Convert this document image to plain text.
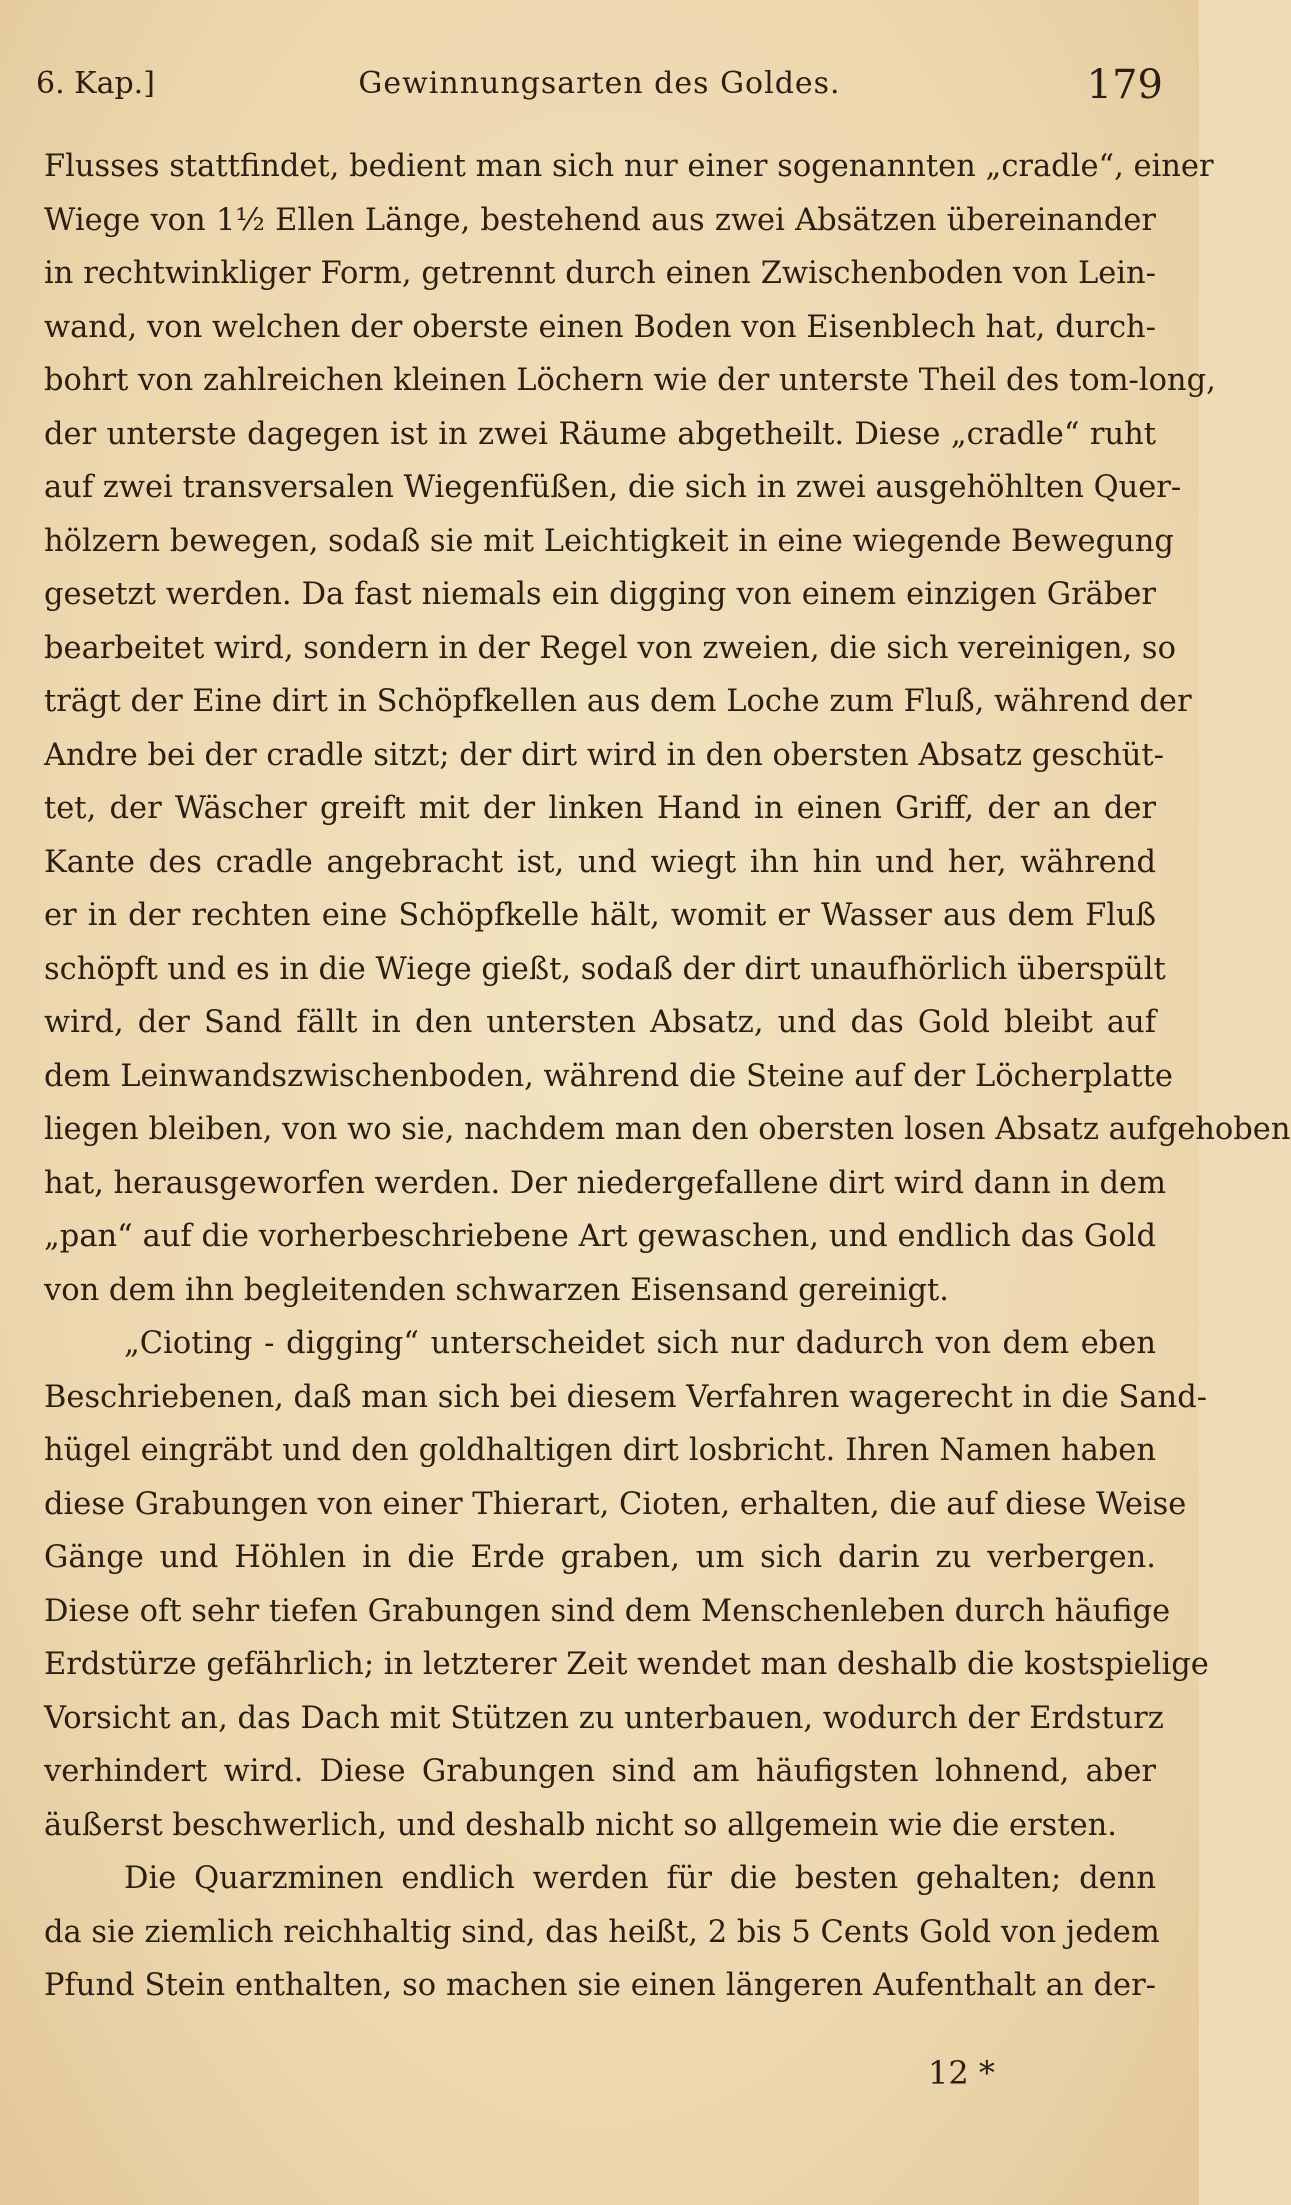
6. Kap.]	Gewinnungsarten des Goldes.	179
Flusses stattfindet, bedient man sich nur einer sogenannten „cradle“, einer
Wiege von 1½ Ellen Länge, bestehend aus zwei Absätzen übereinander
in rechtwinkliger Form, getrennt durch einen Zwischenboden von Lein-
wand, von welchen der oberste einen Boden von Eisenblech hat, durch-
bohrt von zahlreichen kleinen Löchern wie der unterste Theil des tom-long,
der unterste dagegen ist in zwei Räume abgetheilt. Diese „cradle“ ruht
auf zwei transversalen Wiegenfüßen, die sich in zwei ausgehöhlten Quer-
hölzern bewegen, sodaß sie mit Leichtigkeit in eine wiegende Bewegung
gesetzt werden. Da fast niemals ein digging von einem einzigen Gräber
bearbeitet wird, sondern in der Regel von zweien, die sich vereinigen, so
trägt der Eine dirt in Schöpfkellen aus dem Loche zum Fluß, während der
Andre bei der cradle sitzt; der dirt wird in den obersten Absatz geschüt-
tet, der Wäscher greift mit der linken Hand in einen Griff, der an der
Kante des cradle angebracht ist, und wiegt ihn hin und her, während
er in der rechten eine Schöpfkelle hält, womit er Wasser aus dem Fluß
schöpft und es in die Wiege gießt, sodaß der dirt unaufhörlich überspült
wird, der Sand fällt in den untersten Absatz, und das Gold bleibt auf
dem Leinwandszwischenboden, während die Steine auf der Löcherplatte
liegen bleiben, von wo sie, nachdem man den obersten losen Absatz aufgehoben
hat, herausgeworfen werden. Der niedergefallene dirt wird dann in dem
„pan“ auf die vorherbeschriebene Art gewaschen, und endlich das Gold
von dem ihn begleitenden schwarzen Eisensand gereinigt.
„Cioting - digging“ unterscheidet sich nur dadurch von dem eben
Beschriebenen, daß man sich bei diesem Verfahren wagerecht in die Sand-
hügel eingräbt und den goldhaltigen dirt losbricht. Ihren Namen haben
diese Grabungen von einer Thierart, Cioten, erhalten, die auf diese Weise
Gänge und Höhlen in die Erde graben, um sich darin zu verbergen.
Diese oft sehr tiefen Grabungen sind dem Menschenleben durch häufige
Erdstürze gefährlich; in letzterer Zeit wendet man deshalb die kostspielige
Vorsicht an, das Dach mit Stützen zu unterbauen, wodurch der Erdsturz
verhindert wird. Diese Grabungen sind am häufigsten lohnend, aber
äußerst beschwerlich, und deshalb nicht so allgemein wie die ersten.
Die Quarzminen endlich werden für die besten gehalten; denn
da sie ziemlich reichhaltig sind, das heißt, 2 bis 5 Cents Gold von jedem
Pfund Stein enthalten, so machen sie einen längeren Aufenthalt an der-
12 *
